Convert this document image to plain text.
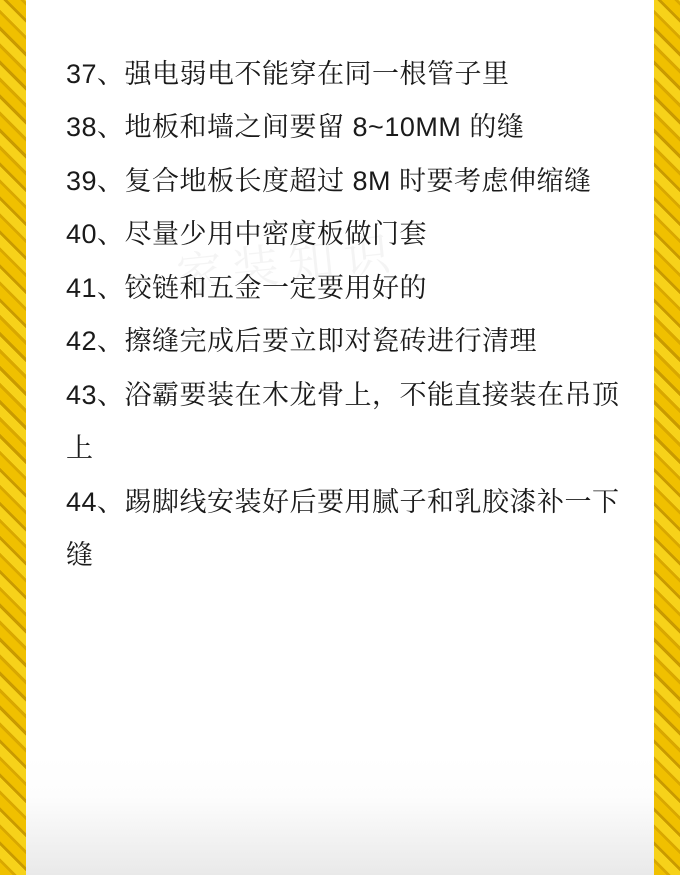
37、强电弱电不能穿在同一根管子里
38、地板和墙之间要留 8~10MM 的缝
39、复合地板长度超过 8M 时要考虑伸缩缝
40、尽量少用中密度板做门套
41、铰链和五金一定要用好的
42、擦缝完成后要立即对瓷砖进行清理
43、浴霸要装在木龙骨上，不能直接装在吊顶上
44、踢脚线安装好后要用腻子和乳胶漆补一下缝
